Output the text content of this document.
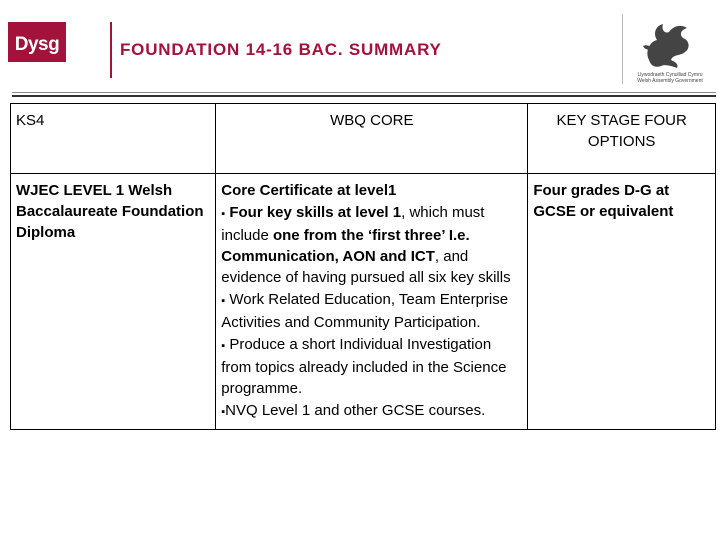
Dysg	FOUNDATION 14-16 BAC. SUMMARY
Llywodraeth Cynulliad Cymru
Welsh Assembly Government
KS4	WBQ CORE	KEY STAGE FOUR OPTIONS
WJEC LEVEL 1 Welsh Baccalaureate Foundation Diploma	Core Certificate at level1
▪ Four key skills at level 1, which must include one from the ‘first three’ I.e. Communication, AON and ICT, and evidence of having pursued all six key skills
▪ Work Related Education, Team Enterprise Activities and Community Participation.
▪ Produce a short Individual Investigation from topics already included in the Science programme.
▪NVQ Level 1 and other GCSE courses.	Four grades D-G at GCSE or equivalent
